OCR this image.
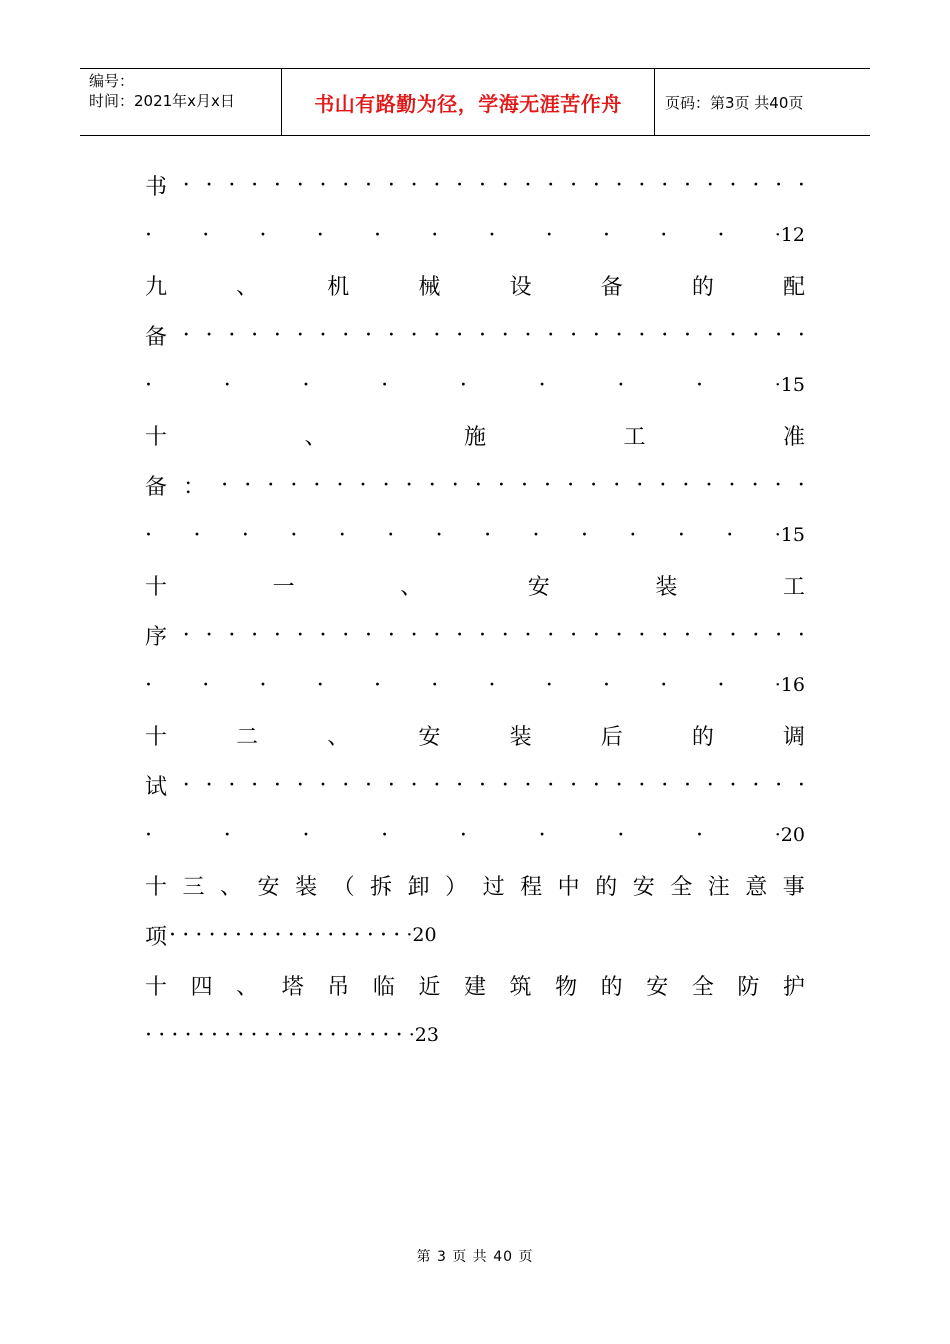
编号：
时间：2021年x月x日	书山有路勤为径，学海无涯苦作舟	页码：第3页 共40页
书 · · · · · · · · · · · · · · · · · · · · · · · · · · · ·
· · · · · · · · · · ·	·12
九	、	机	械	设	备	的	配
备 · · · · · · · · · · · · · · · · · · · · · · · · · · · ·
·	·	·	·	·	·	·	·	·15
十	、	施	工	准
备 ： · · · · · · · · · · · · · · · · · · · · · · · · · ·
· · · · · · · · · · · · · ·15
十	一	、	安	装	工
序 · · · · · · · · · · · · · · · · · · · · · · · · · · · ·
· · · · · · · · · · ·	·16
十	二	、	安	装	后	的	调
试 · · · · · · · · · · · · · · · · · · · · · · · · · · · ·
·	·	·	·	·	·	·	·	·20
十 三 、 安 装 （ 拆 卸 ） 过 程 中 的 安 全 注 意 事
项 · · · · · · · · · · · · · · · · · · ·20
十 四 、 塔 吊 临 近 建 筑 物 的 安 全 防 护
· · · · · · · · · · · · · · · · · · · · ·23
第 3 页 共 40 页
